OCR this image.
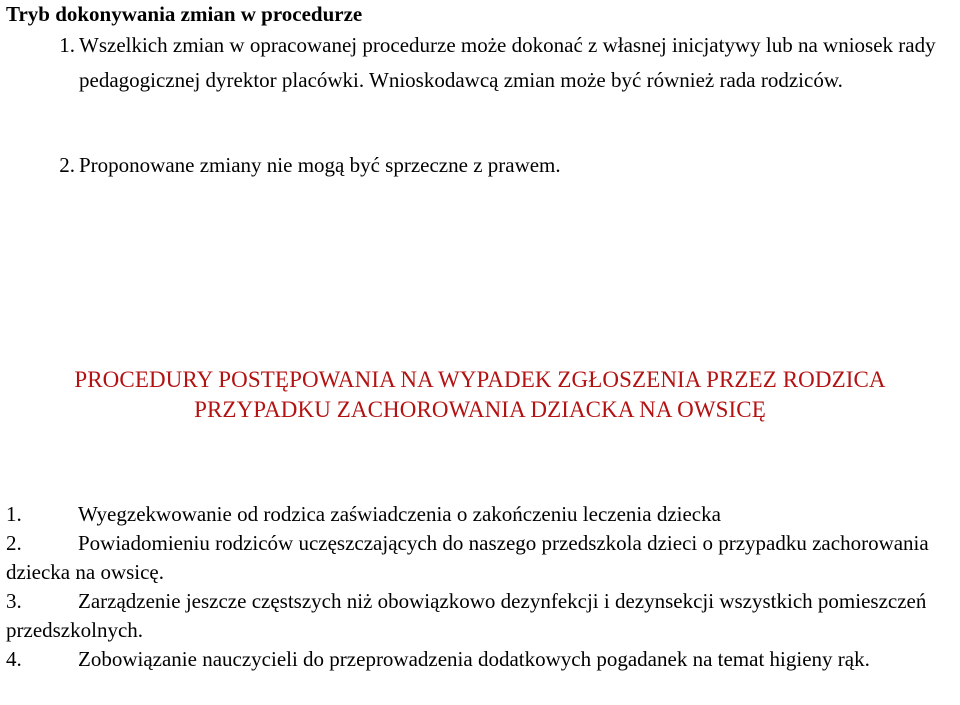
Tryb dokonywania zmian w procedurze
1. Wszelkich zmian w opracowanej procedurze może dokonać z własnej inicjatywy lub na wniosek rady pedagogicznej dyrektor placówki. Wnioskodawcą zmian może być również rada rodziców.
2. Proponowane zmiany nie mogą być sprzeczne z prawem.
PROCEDURY POSTĘPOWANIA NA WYPADEK ZGŁOSZENIA PRZEZ RODZICA PRZYPADKU ZACHOROWANIA DZIACKA NA OWSICĘ

1.	Wyegzekwowanie od rodzica zaświadczenia o zakończeniu leczenia dziecka

2.	Powiadomieniu rodziców uczęszczających do naszego przedszkola dzieci o przypadku zachorowania dziecka na owsicę.

3.	Zarządzenie jeszcze częstszych niż obowiązkowo dezynfekcji i dezynsekcji wszystkich pomieszczeń przedszkolnych.

4.	Zobowiązanie nauczycieli do przeprowadzenia dodatkowych pogadanek na temat higieny rąk.
